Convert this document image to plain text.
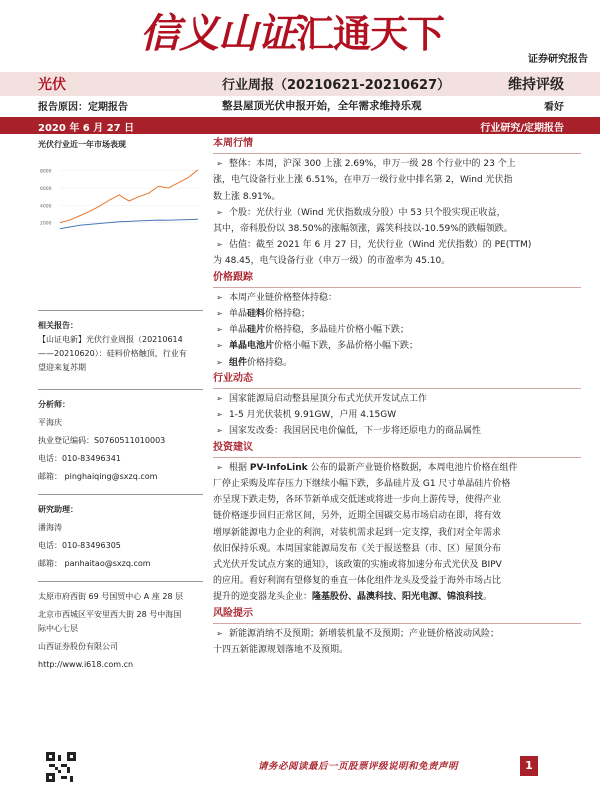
信义山证汇通天下
证券研究报告
光伏	行业周报（20210621-20210627）	维持评级
报告原因：定期报告	整县屋顶光伏申报开始，全年需求维持乐观	看好
2020 年 6 月 27 日	行业研究/定期报告
光伏行业近一年市场表现
8000
6000
4000
2000
相关报告：
【山证电新】光伏行业周报（20210614
——20210620）：硅料价格触顶，行业有
望迎来复苏期
分析师：
平海庆
执业登记编码：S0760511010003
电话：010-83496341
邮箱： pinghaiqing@sxzq.com
研究助理：
潘海涛
电话：010-83496305
邮箱： panhaitao@sxzq.com
太原市府西街 69 号国贸中心 A 座 28 层
北京市西城区平安里西大街 28 号中海国
际中心七层
山西证券股份有限公司
http://www.i618.com.cn
本周行情
➢ 整体：本周，沪深 300 上涨 2.69%，申万一级 28 个行业中的 23 个上
涨，电气设备行业上涨 6.51%，在申万一级行业中排名第 2，Wind 光伏指
数上涨 8.91%。
➢ 个股：光伏行业（Wind 光伏指数成分股）中 53 只个股实现正收益，
其中，帝科股份以 38.50%的涨幅领涨，露笑科技以-10.59%的跌幅领跌。
➢ 估值：截至 2021 年 6 月 27 日，光伏行业（Wind 光伏指数）的 PE(TTM)
为 48.45，电气设备行业（申万一级）的市盈率为 45.10。
价格跟踪
➢ 本周产业链价格整体持稳：
➢ 单晶硅料价格持稳；
➢ 单晶硅片价格持稳，多晶硅片价格小幅下跌；
➢ 单晶电池片价格小幅下跌，多晶价格小幅下跌；
➢ 组件价格持稳。
行业动态
➢ 国家能源局启动整县屋顶分布式光伏开发试点工作
➢ 1-5 月光伏装机 9.91GW，户用 4.15GW
➢ 国家发改委：我国居民电价偏低，下一步将还原电力的商品属性
投资建议
➢ 根据 PV-InfoLink 公布的最新产业链价格数据，本周电池片价格在组件
厂停止采购及库存压力下继续小幅下跌，多晶硅片及 G1 尺寸单晶硅片价格
亦呈现下跌走势，各环节新单成交低迷或将进一步向上游传导，使得产业
链价格逐步回归正常区间，另外，近期全国碳交易市场启动在即，将有效
增厚新能源电力企业的利润，对装机需求起到一定支撑，我们对全年需求
依旧保持乐观。本周国家能源局发布《关于报送整县（市、区）屋顶分布
式光伏开发试点方案的通知》，该政策的实施或将加速分布式光伏及 BIPV
的应用。看好利润有望修复的垂直一体化组件龙头及受益于海外市场占比
提升的逆变器龙头企业：隆基股份、晶澳科技、阳光电源、锦浪科技。
风险提示
➢ 新能源消纳不及预期；新增装机量不及预期；产业链价格波动风险；
十四五新能源规划落地不及预期。
请务必阅读最后一页股票评级说明和免责声明	1
